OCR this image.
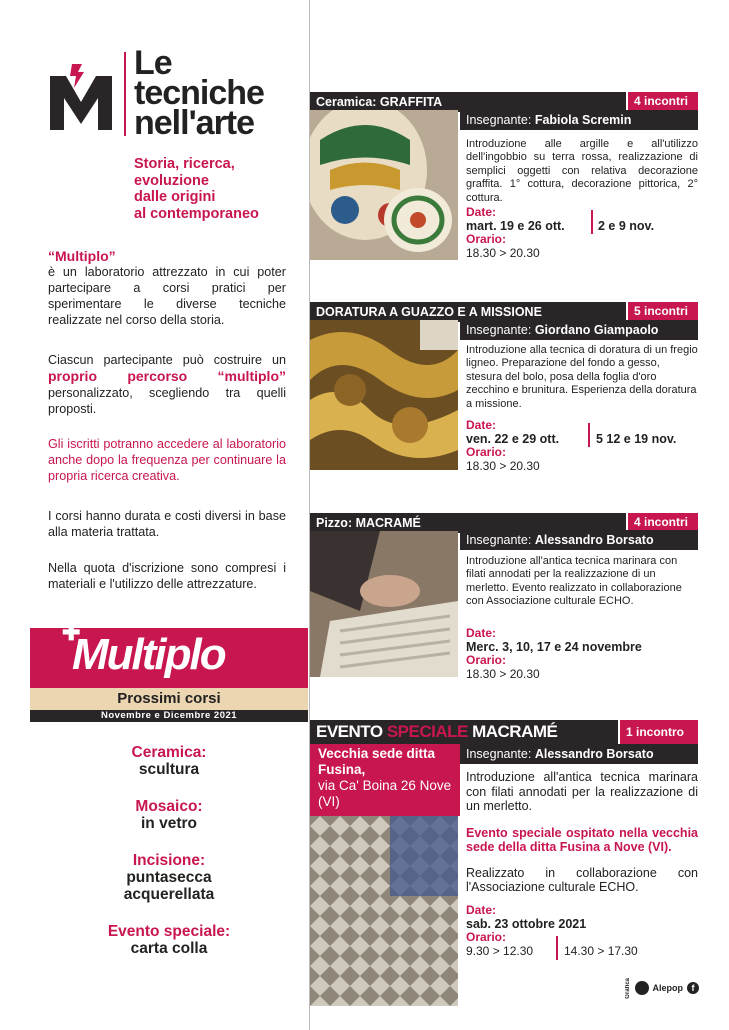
Le
tecniche
nell'arte
Storia, ricerca,
evoluzione
dalle origini
al contemporaneo
“Multiplo”
è un laboratorio attrezzato in cui poter partecipare a corsi pratici per sperimentare le diverse tecniche realizzate nel corso della storia.
Ciascun partecipante può costruire un proprio percorso “multiplo” personalizzato, scegliendo tra quelli proposti.
Gli iscritti potranno accedere al laboratorio anche dopo la frequenza per continuare la propria ricerca creativa.
I corsi hanno durata e costi diversi in base alla materia trattata.
Nella quota d'iscrizione sono compresi i materiali e l'utilizzo delle attrezzature.
✚
Multiplo
Prossimi corsi
Novembre e Dicembre 2021
Ceramica:
scultura
Mosaico:
in vetro
Incisione:
puntasecca acquerellata
Evento speciale:
carta colla
Ceramica: GRAFFITA	4 incontri
Insegnante: Fabiola Scremin
Introduzione alle argille e all'utilizzo dell'ingobbio su terra rossa, realizzazione di semplici oggetti con relativa decorazione graffita. 1° cottura, decorazione pittorica, 2° cottura.
Date:
mart. 19 e 26 ott.	2 e 9 nov.
Orario:
18.30 > 20.30
DORATURA A GUAZZO E A MISSIONE	5 incontri
Insegnante: Giordano Giampaolo
Introduzione alla tecnica di doratura di un fregio ligneo. Preparazione del fondo a gesso, stesura del bolo, posa della foglia d'oro zecchino e brunitura. Esperienza della doratura a missione.
Date:
ven. 22 e 29 ott.	5 12 e 19 nov.
Orario:
18.30 > 20.30
Pizzo: MACRAMÉ	4 incontri
Insegnante: Alessandro Borsato
Introduzione all'antica tecnica marinara con filati annodati per la realizzazione di un merletto. Evento realizzato in collaborazione con Associazione culturale ECHO.
Date:
Merc. 3, 10, 17 e 24 novembre
Orario:
18.30 > 20.30
EVENTO SPECIALE MACRAMÉ	1 incontro
Vecchia sede ditta Fusina,
via Ca' Boina 26 Nove (VI)
Insegnante: Alessandro Borsato
Introduzione all'antica tecnica marinara con filati annodati per la realizzazione di un merletto.
Evento speciale ospitato nella vecchia sede della ditta Fusina a Nove (VI).
Realizzato in collaborazione con l'Associazione culturale ECHO.
Date:
sab. 23 ottobre 2021
Orario:
9.30 > 12.30	14.30 > 17.30
Grafica Alepop f
